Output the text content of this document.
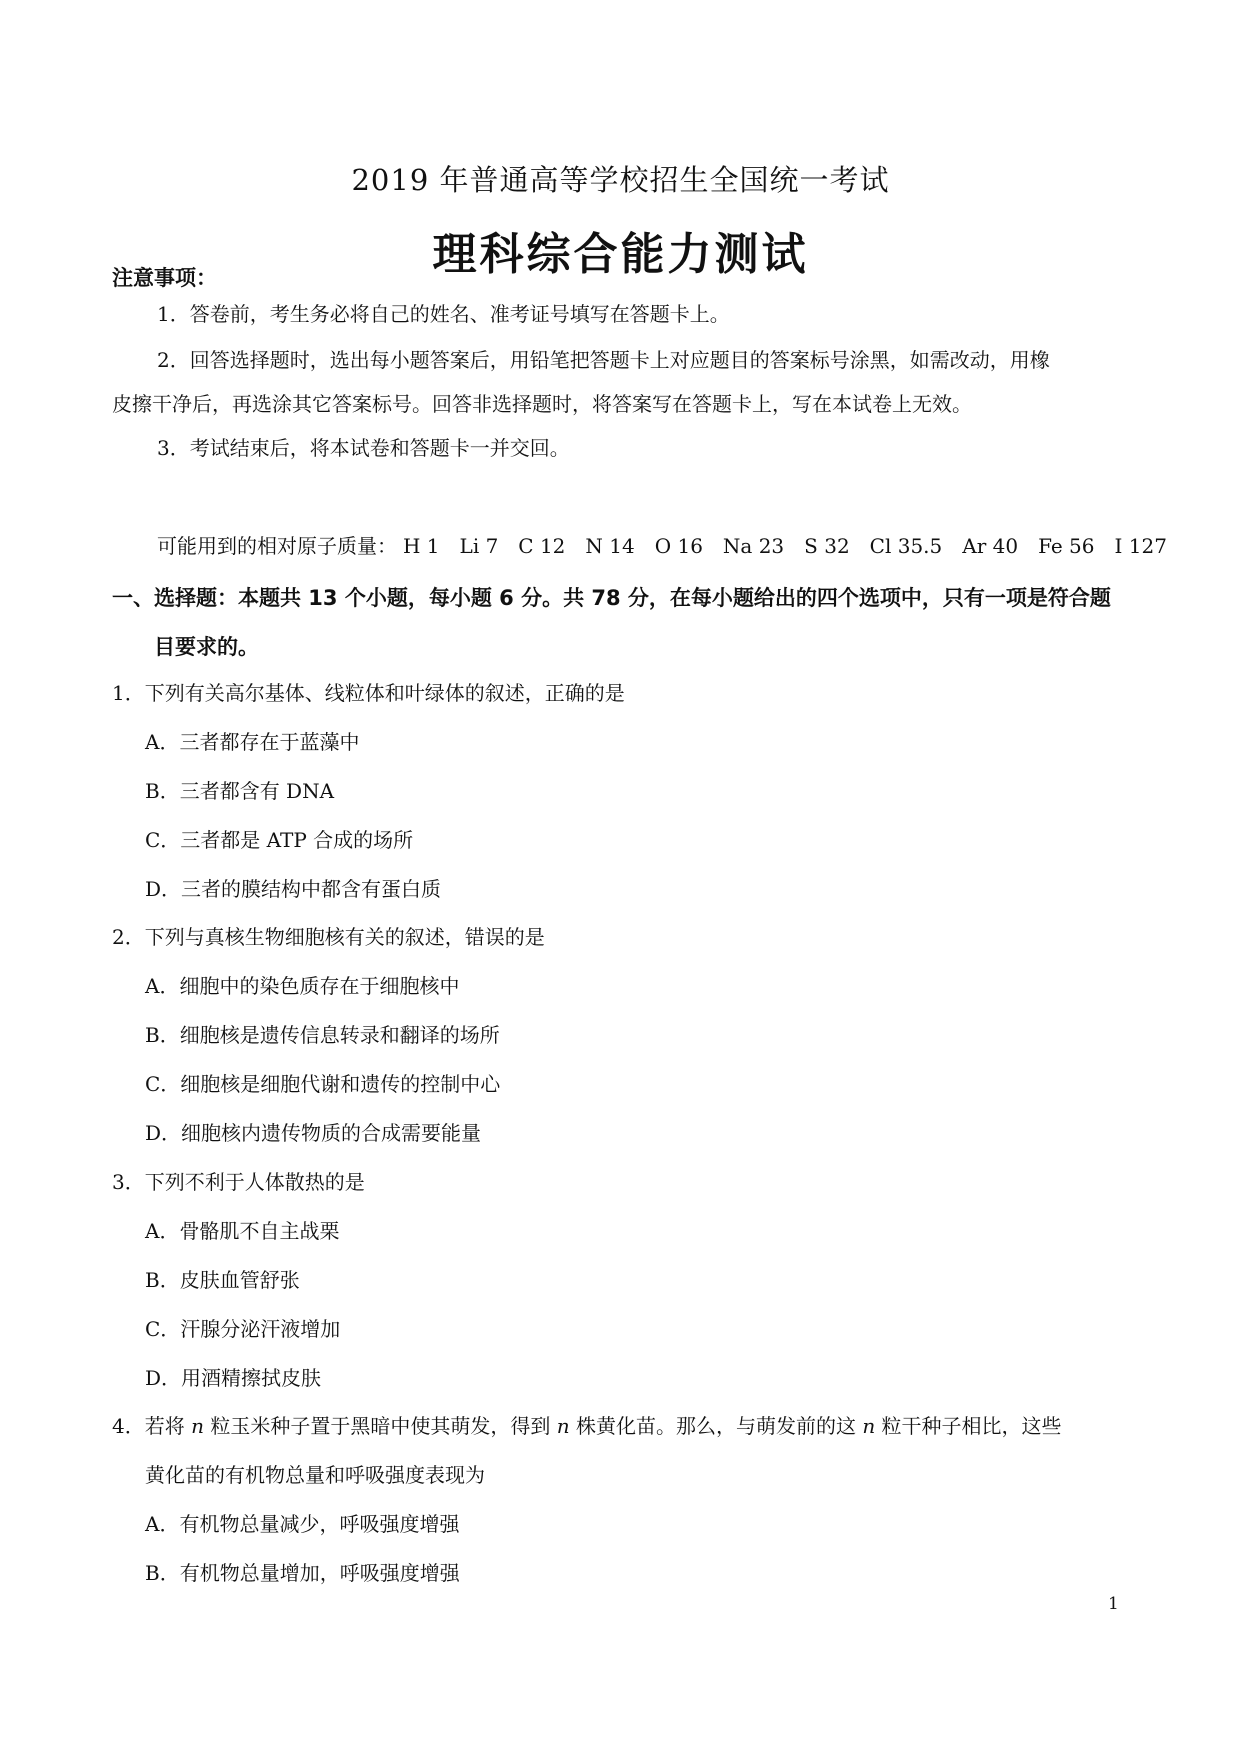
2019 年普通高等学校招生全国统一考试
理科综合能力测试
注意事项：
1．答卷前，考生务必将自己的姓名、准考证号填写在答题卡上。
2．回答选择题时，选出每小题答案后，用铅笔把答题卡上对应题目的答案标号涂黑，如需改动，用橡
皮擦干净后，再选涂其它答案标号。回答非选择题时，将答案写在答题卡上，写在本试卷上无效。
3．考试结束后，将本试卷和答题卡一并交回。
可能用到的相对原子质量： H 1 Li 7 C 12 N 14 O 16 Na 23 S 32 Cl 35.5 Ar 40 Fe 56 I 127
一、选择题：本题共 13 个小题，每小题 6 分。共 78 分，在每小题给出的四个选项中，只有一项是符合题
目要求的。
1．下列有关高尔基体、线粒体和叶绿体的叙述，正确的是
A．三者都存在于蓝藻中
B．三者都含有 DNA
C．三者都是 ATP 合成的场所
D．三者的膜结构中都含有蛋白质
2．下列与真核生物细胞核有关的叙述，错误的是
A．细胞中的染色质存在于细胞核中
B．细胞核是遗传信息转录和翻译的场所
C．细胞核是细胞代谢和遗传的控制中心
D．细胞核内遗传物质的合成需要能量
3．下列不利于人体散热的是
A．骨骼肌不自主战栗
B．皮肤血管舒张
C．汗腺分泌汗液增加
D．用酒精擦拭皮肤
4．若将 n 粒玉米种子置于黑暗中使其萌发，得到 n 株黄化苗。那么，与萌发前的这 n 粒干种子相比，这些
黄化苗的有机物总量和呼吸强度表现为
A．有机物总量减少，呼吸强度增强
B．有机物总量增加，呼吸强度增强
1
